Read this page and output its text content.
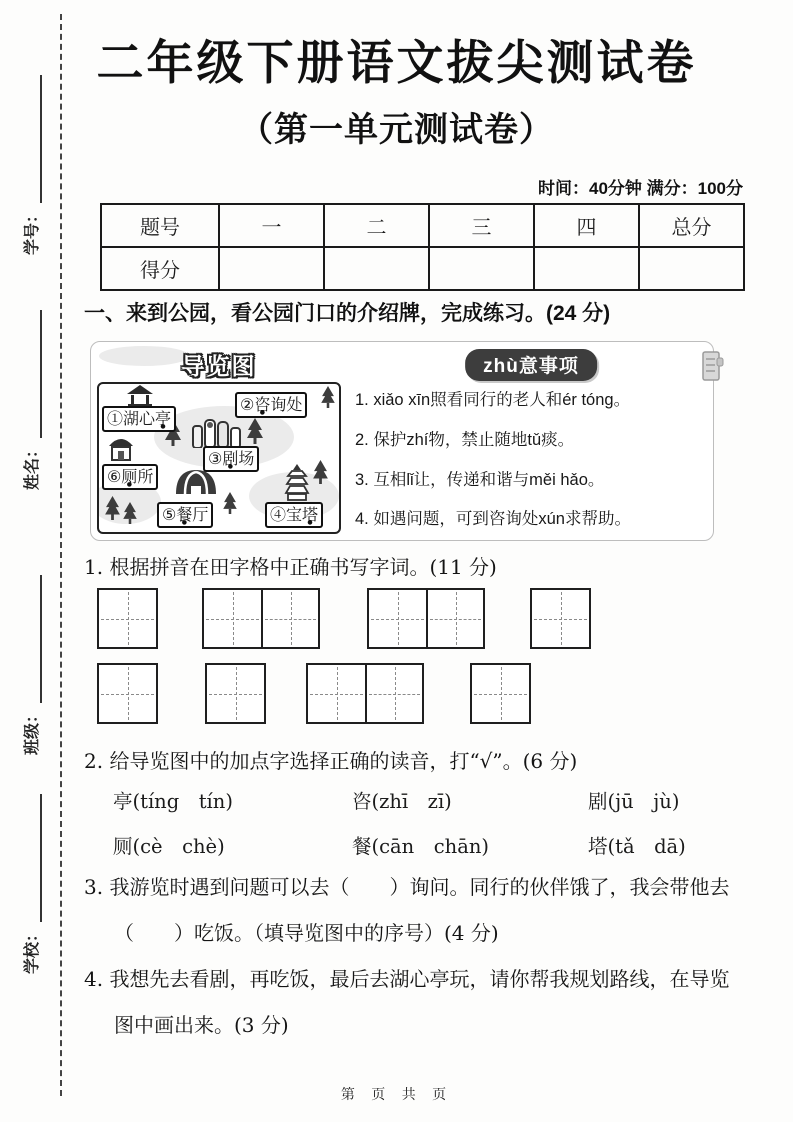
学号：
姓名：
班级：
学校：
二年级下册语文拔尖测试卷
（第一单元测试卷）
时间：40分钟 满分：100分
题号	一	二	三	四	总分
得分					
一、来到公园，看公园门口的介绍牌，完成练习。(24 分)
导览图
①湖心亭 ●
②咨 ●询处
③剧 ●场
④宝塔 ●
⑤餐 ●厅
⑥厕 ●所
zhù意事项
1. xiǎo xīn照看同行的老人和ér tóng。
2. 保护zhí物，禁止随地tǔ痰。
3. 互相lǐ让，传递和谐与měi hǎo。
4. 如遇问题，可到咨询处xún求帮助。
1. 根据拼音在田字格中正确书写字词。(11 分)
2. 给导览图中的加点字选择正确的读音，打“√”。(6 分)
亭(tíng　tín)	咨(zhī　zī)	剧(jū　jù)
厕(cè　chè)	餐(cān　chān)	塔(tǎ　dā)
3. 我游览时遇到问题可以去（　　）询问。同行的伙伴饿了，我会带他去（　　）吃饭。（填导览图中的序号）(4 分)
4. 我想先去看剧，再吃饭，最后去湖心亭玩，请你帮我规划路线，在导览图中画出来。(3 分)
第 页 共 页
